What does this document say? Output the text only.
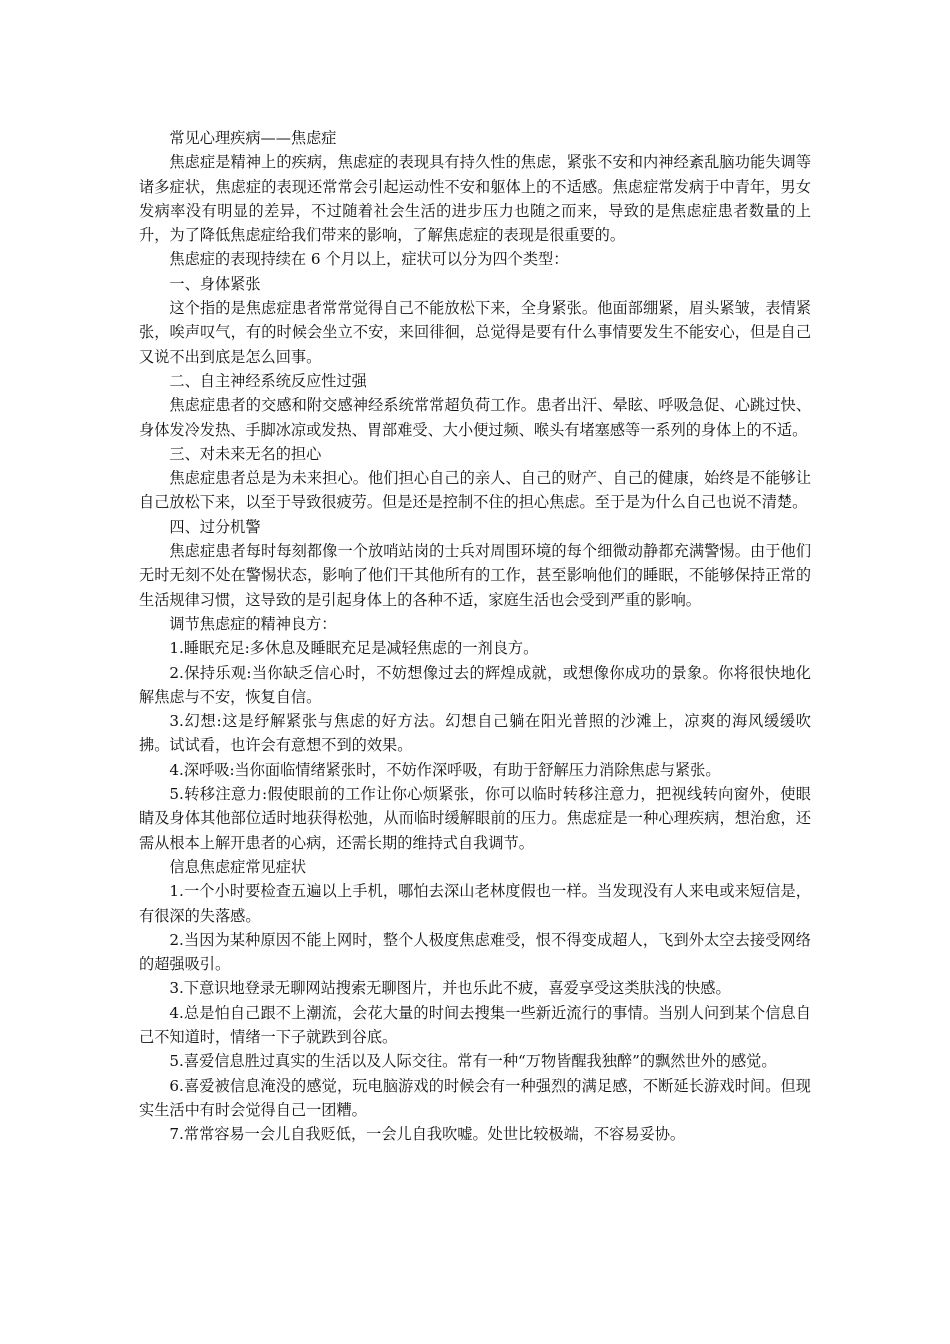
常见心理疾病——焦虑症

焦虑症是精神上的疾病，焦虑症的表现具有持久性的焦虑，紧张不安和内神经紊乱脑功能失调等诸多症状，焦虑症的表现还常常会引起运动性不安和躯体上的不适感。焦虑症常发病于中青年，男女发病率没有明显的差异，不过随着社会生活的进步压力也随之而来，导致的是焦虑症患者数量的上升，为了降低焦虑症给我们带来的影响，了解焦虑症的表现是很重要的。

焦虑症的表现持续在 6 个月以上，症状可以分为四个类型：

一、身体紧张

这个指的是焦虑症患者常常觉得自己不能放松下来，全身紧张。他面部绷紧，眉头紧皱，表情紧张，唉声叹气，有的时候会坐立不安，来回徘徊，总觉得是要有什么事情要发生不能安心，但是自己又说不出到底是怎么回事。

二、自主神经系统反应性过强

焦虑症患者的交感和附交感神经系统常常超负荷工作。患者出汗、晕眩、呼吸急促、心跳过快、身体发冷发热、手脚冰凉或发热、胃部难受、大小便过频、喉头有堵塞感等一系列的身体上的不适。

三、对未来无名的担心

焦虑症患者总是为未来担心。他们担心自己的亲人、自己的财产、自己的健康，始终是不能够让自己放松下来，以至于导致很疲劳。但是还是控制不住的担心焦虑。至于是为什么自己也说不清楚。

四、过分机警

焦虑症患者每时每刻都像一个放哨站岗的士兵对周围环境的每个细微动静都充满警惕。由于他们无时无刻不处在警惕状态，影响了他们干其他所有的工作，甚至影响他们的睡眠，不能够保持正常的生活规律习惯，这导致的是引起身体上的各种不适，家庭生活也会受到严重的影响。

调节焦虑症的精神良方：

1.睡眠充足:多休息及睡眠充足是减轻焦虑的一剂良方。

2.保持乐观:当你缺乏信心时，不妨想像过去的辉煌成就，或想像你成功的景象。你将很快地化解焦虑与不安，恢复自信。

3.幻想:这是纾解紧张与焦虑的好方法。幻想自己躺在阳光普照的沙滩上，凉爽的海风缓缓吹拂。试试看，也许会有意想不到的效果。

4.深呼吸:当你面临情绪紧张时，不妨作深呼吸，有助于舒解压力消除焦虑与紧张。

5.转移注意力:假使眼前的工作让你心烦紧张，你可以临时转移注意力，把视线转向窗外，使眼睛及身体其他部位适时地获得松弛，从而临时缓解眼前的压力。焦虑症是一种心理疾病，想治愈，还需从根本上解开患者的心病，还需长期的维持式自我调节。

信息焦虑症常见症状

1.一个小时要检查五遍以上手机，哪怕去深山老林度假也一样。当发现没有人来电或来短信是，有很深的失落感。

2.当因为某种原因不能上网时，整个人极度焦虑难受，恨不得变成超人，飞到外太空去接受网络的超强吸引。

3.下意识地登录无聊网站搜索无聊图片，并也乐此不疲，喜爱享受这类肤浅的快感。

4.总是怕自己跟不上潮流，会花大量的时间去搜集一些新近流行的事情。当别人问到某个信息自己不知道时，情绪一下子就跌到谷底。

5.喜爱信息胜过真实的生活以及人际交往。常有一种“万物皆醒我独醉”的飘然世外的感觉。

6.喜爱被信息淹没的感觉，玩电脑游戏的时候会有一种强烈的满足感，不断延长游戏时间。但现实生活中有时会觉得自己一团糟。

7.常常容易一会儿自我贬低，一会儿自我吹嘘。处世比较极端，不容易妥协。
